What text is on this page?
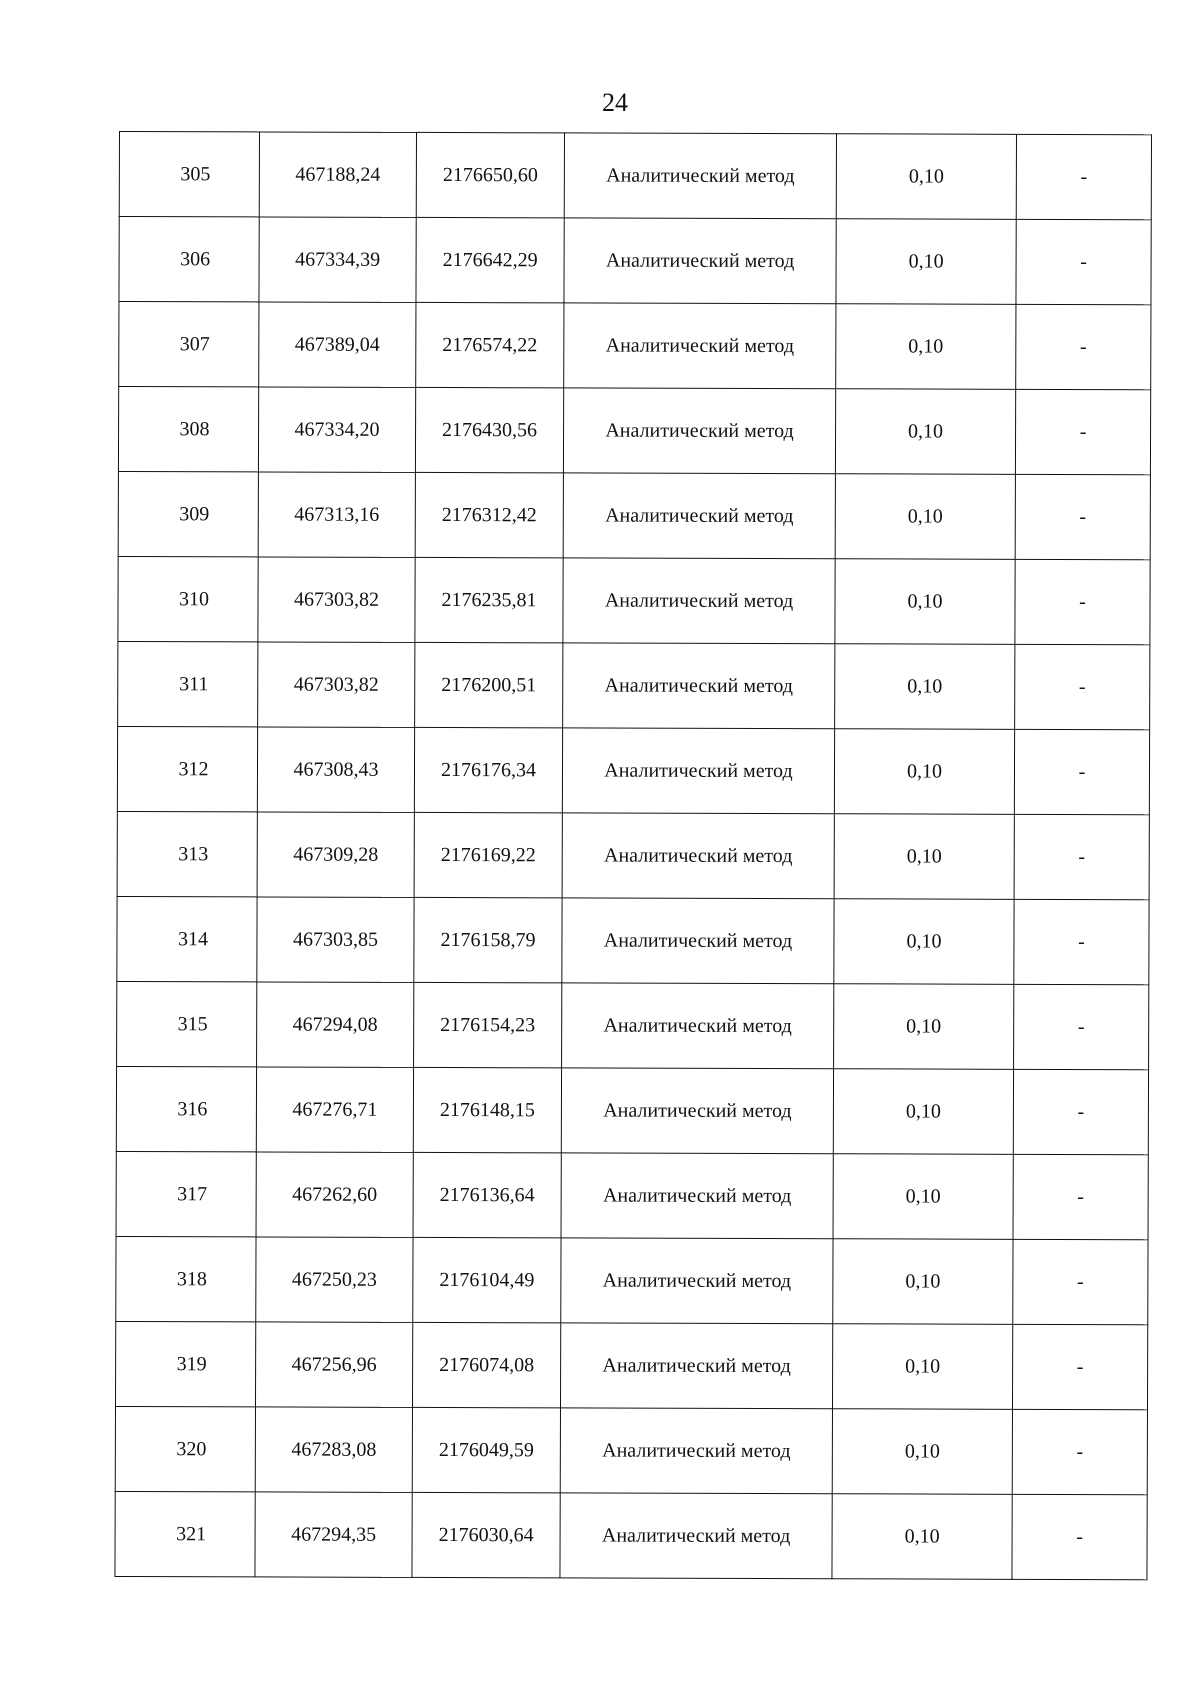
24
305	467188,24	2176650,60	Аналитический метод	0,10	-
306	467334,39	2176642,29	Аналитический метод	0,10	-
307	467389,04	2176574,22	Аналитический метод	0,10	-
308	467334,20	2176430,56	Аналитический метод	0,10	-
309	467313,16	2176312,42	Аналитический метод	0,10	-
310	467303,82	2176235,81	Аналитический метод	0,10	-
311	467303,82	2176200,51	Аналитический метод	0,10	-
312	467308,43	2176176,34	Аналитический метод	0,10	-
313	467309,28	2176169,22	Аналитический метод	0,10	-
314	467303,85	2176158,79	Аналитический метод	0,10	-
315	467294,08	2176154,23	Аналитический метод	0,10	-
316	467276,71	2176148,15	Аналитический метод	0,10	-
317	467262,60	2176136,64	Аналитический метод	0,10	-
318	467250,23	2176104,49	Аналитический метод	0,10	-
319	467256,96	2176074,08	Аналитический метод	0,10	-
320	467283,08	2176049,59	Аналитический метод	0,10	-
321	467294,35	2176030,64	Аналитический метод	0,10	-
